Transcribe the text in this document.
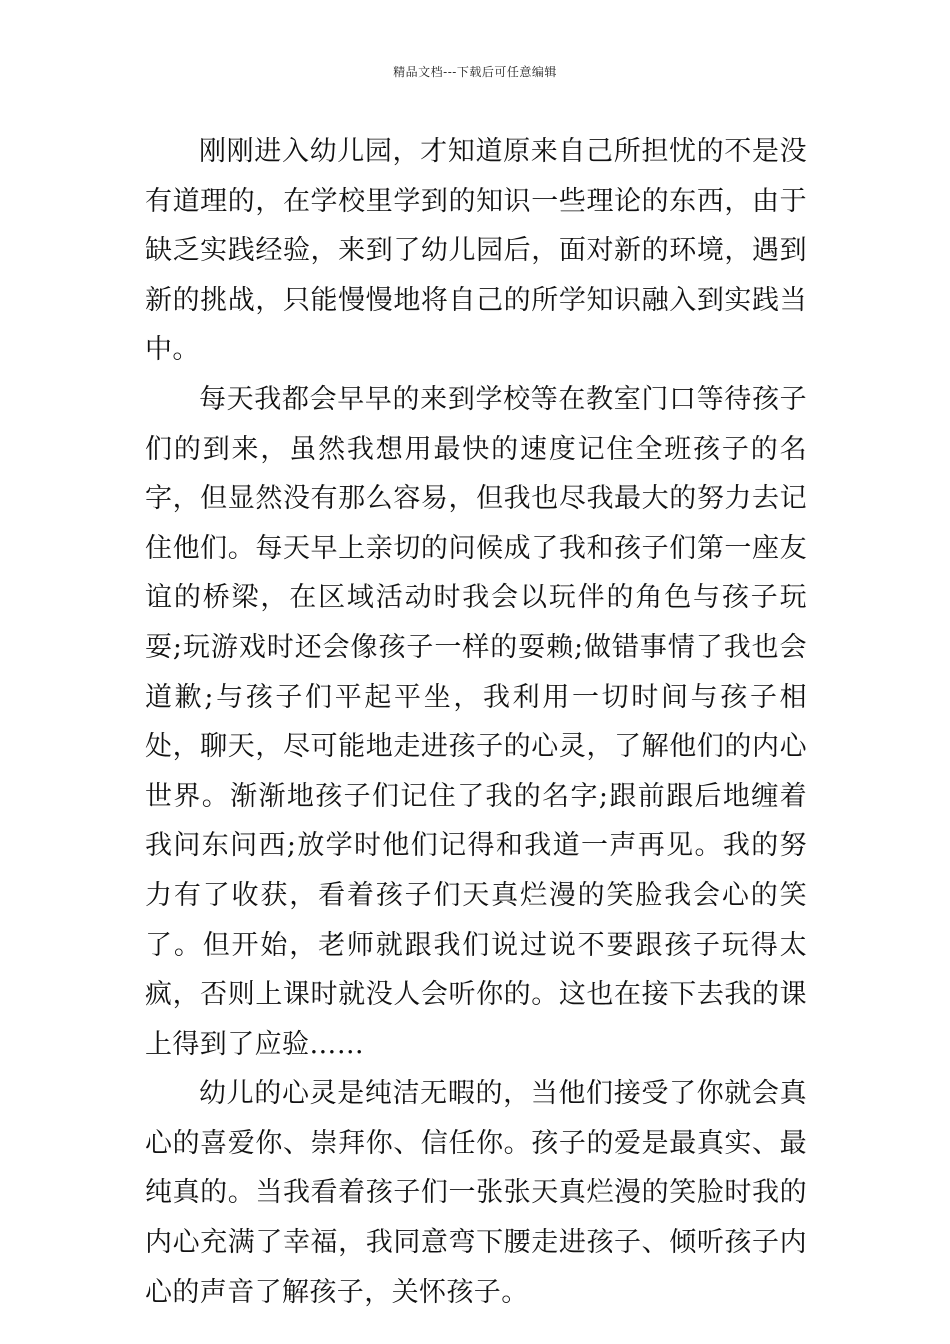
精品文档---下载后可任意编辑

刚刚进入幼儿园，才知道原来自己所担忧的不是没有道理的，在学校里学到的知识一些理论的东西，由于缺乏实践经验，来到了幼儿园后，面对新的环境，遇到新的挑战，只能慢慢地将自己的所学知识融入到实践当中。

每天我都会早早的来到学校等在教室门口等待孩子们的到来，虽然我想用最快的速度记住全班孩子的名字，但显然没有那么容易，但我也尽我最大的努力去记住他们。每天早上亲切的问候成了我和孩子们第一座友谊的桥梁，在区域活动时我会以玩伴的角色与孩子玩耍;玩游戏时还会像孩子一样的耍赖;做错事情了我也会道歉;与孩子们平起平坐，我利用一切时间与孩子相处，聊天，尽可能地走进孩子的心灵，了解他们的内心世界。渐渐地孩子们记住了我的名字;跟前跟后地缠着我问东问西;放学时他们记得和我道一声再见。我的努力有了收获，看着孩子们天真烂漫的笑脸我会心的笑了。但开始，老师就跟我们说过说不要跟孩子玩得太疯，否则上课时就没人会听你的。这也在接下去我的课上得到了应验……

幼儿的心灵是纯洁无暇的，当他们接受了你就会真心的喜爱你、崇拜你、信任你。孩子的爱是最真实、最纯真的。当我看着孩子们一张张天真烂漫的笑脸时我的内心充满了幸福，我同意弯下腰走进孩子、倾听孩子内心的声音了解孩子，关怀孩子。
